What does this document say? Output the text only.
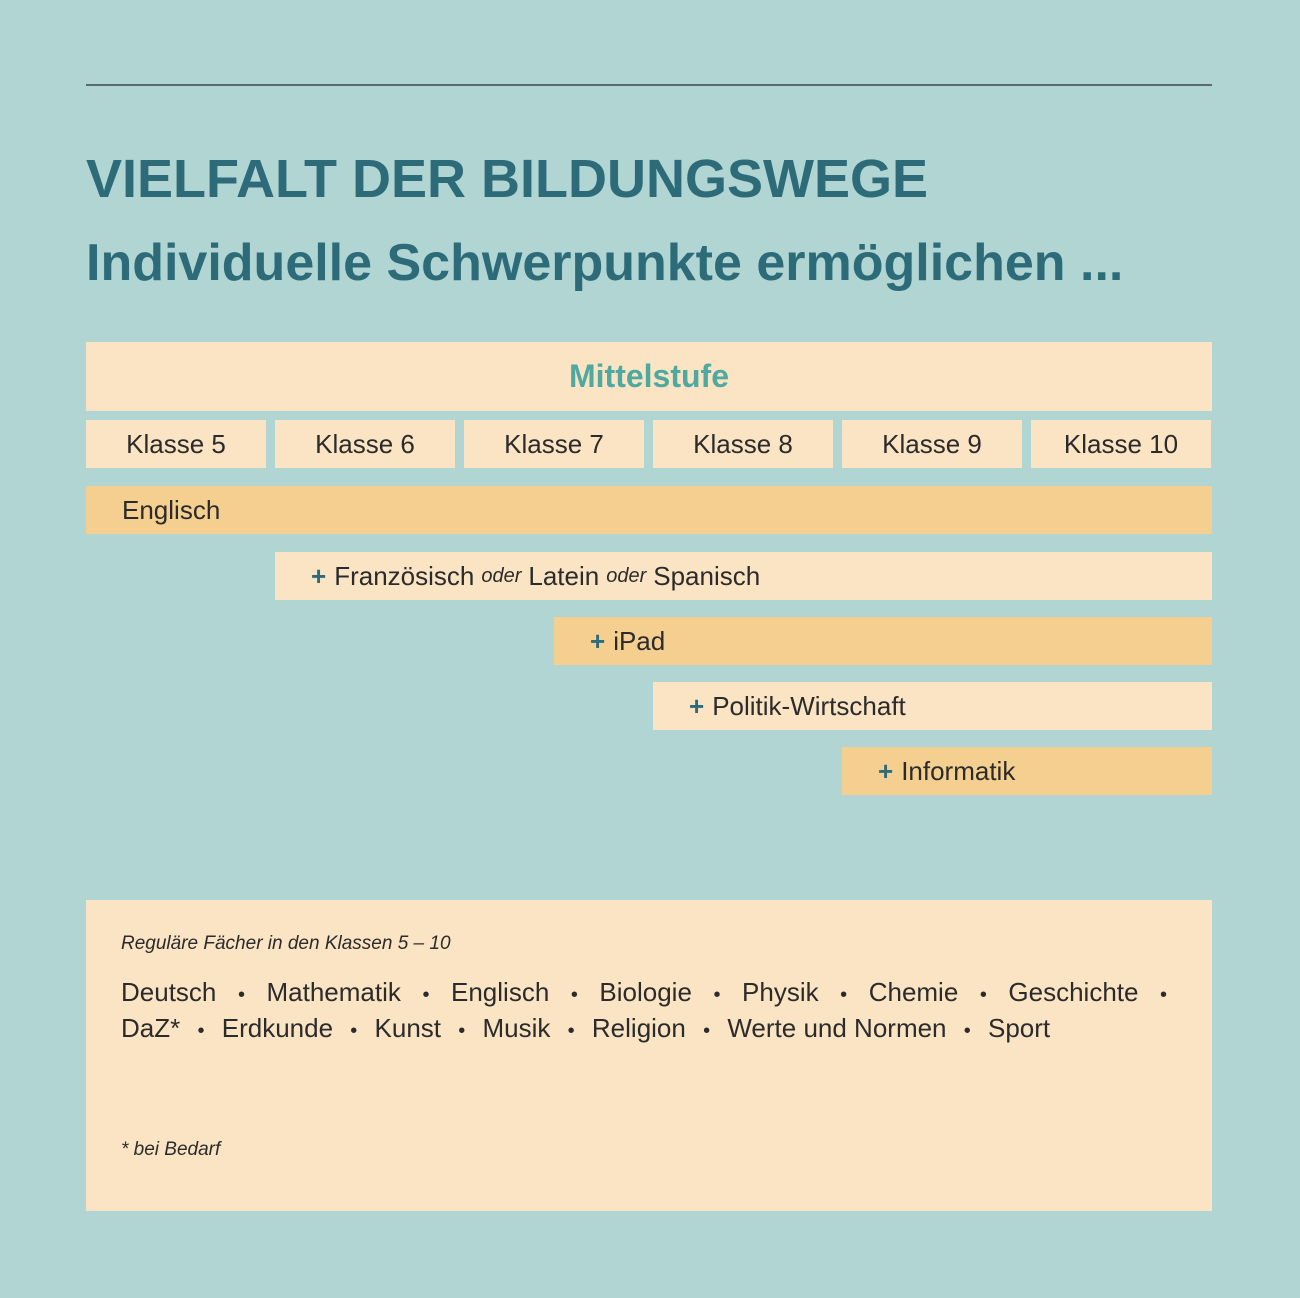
VIELFALT DER BILDUNGSWEGE
Individuelle Schwerpunkte ermöglichen ...
Mittelstufe
Klasse 5	Klasse 6	Klasse 7	Klasse 8	Klasse 9	Klasse 10
Englisch
+ Französisch oder Latein oder Spanisch
+ iPad
+ Politik-Wirtschaft
+ Informatik
Reguläre Fächer in den Klassen 5 – 10
Deutsch • Mathematik • Englisch • Biologie • Physik • Chemie • Geschichte • DaZ* • Erdkunde • Kunst • Musik • Religion • Werte und Normen • Sport
* bei Bedarf
